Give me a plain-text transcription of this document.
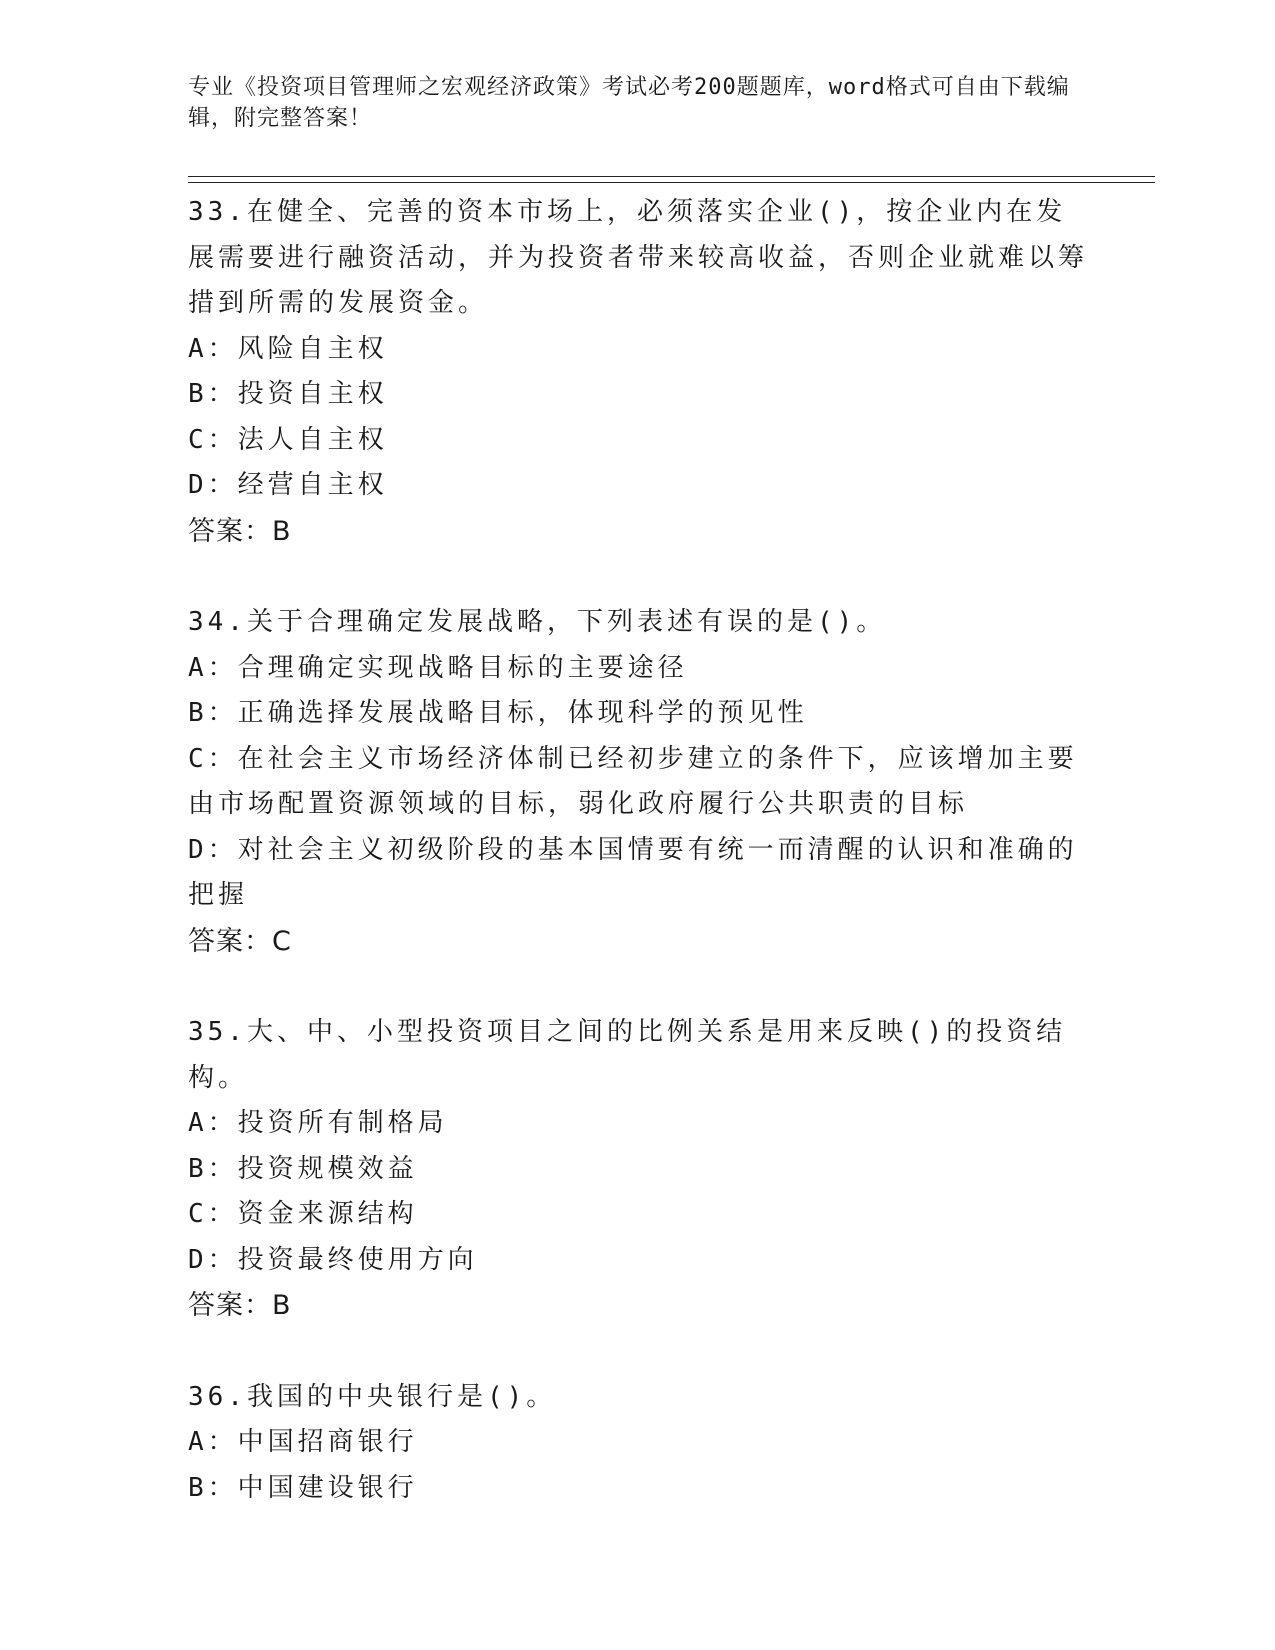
专业《投资项目管理师之宏观经济政策》考试必考200题题库，word格式可自由下载编辑，附完整答案！

33.在健全、完善的资本市场上，必须落实企业()，按企业内在发展需要进行融资活动，并为投资者带来较高收益，否则企业就难以筹措到所需的发展资金。

A：风险自主权

B：投资自主权

C：法人自主权

D：经营自主权

答案：B

34.关于合理确定发展战略，下列表述有误的是()。

A：合理确定实现战略目标的主要途径

B：正确选择发展战略目标，体现科学的预见性

C：在社会主义市场经济体制已经初步建立的条件下，应该增加主要由市场配置资源领域的目标，弱化政府履行公共职责的目标

D：对社会主义初级阶段的基本国情要有统一而清醒的认识和准确的把握

答案：C

35.大、中、小型投资项目之间的比例关系是用来反映()的投资结构。

A：投资所有制格局

B：投资规模效益

C：资金来源结构

D：投资最终使用方向

答案：B

36.我国的中央银行是()。

A：中国招商银行

B：中国建设银行
